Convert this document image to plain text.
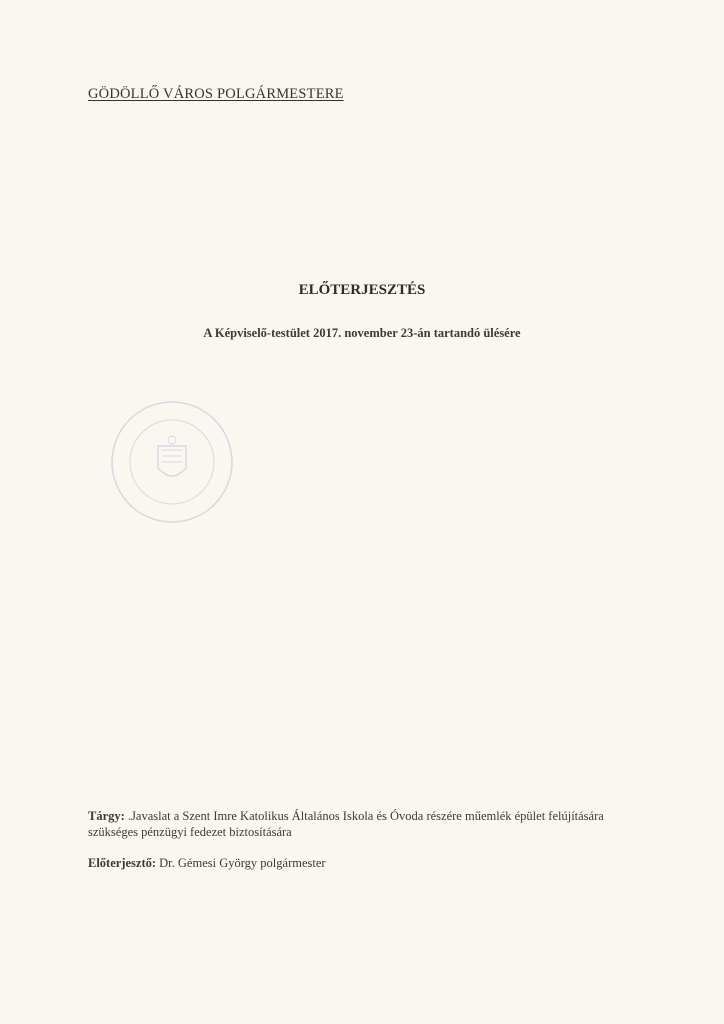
GÖDÖLLŐ VÁROS POLGÁRMESTERE
ELŐTERJESZTÉS
A Képviselő-testület 2017. november 23-án tartandó ülésére
Tárgy: .Javaslat a Szent Imre Katolikus Általános Iskola és Óvoda részére műemlék épület felújítására szükséges pénzügyi fedezet biztosítására
Előterjesztő: Dr. Gémesi György polgármester
